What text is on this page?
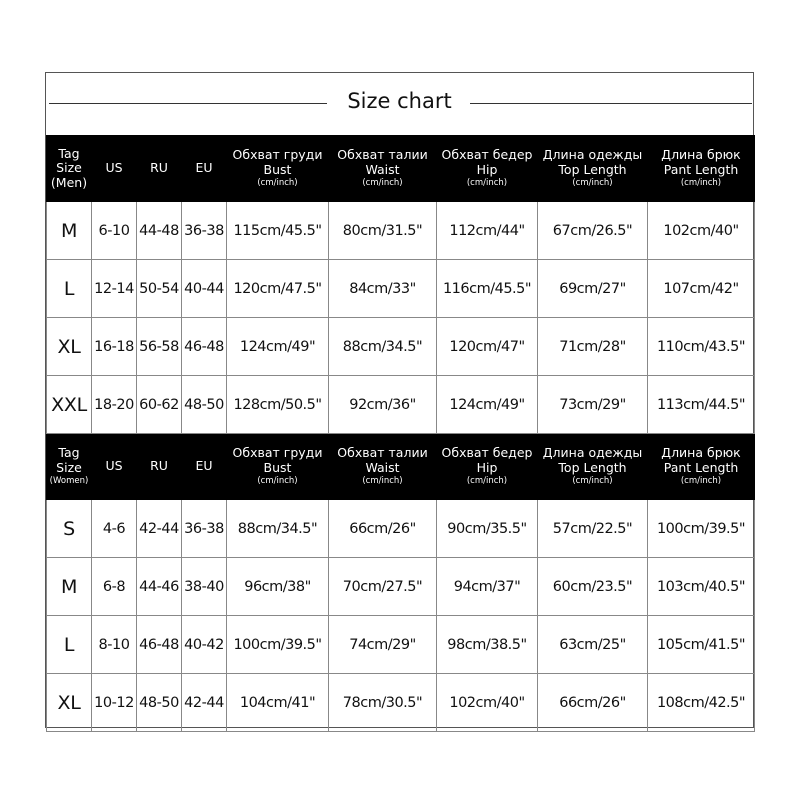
Size chart
Tag
Size
(Men)	US	RU	EU	Обхват груди
Bust
(cm/inch)	Обхват талии
Waist
(cm/inch)	Обхват бедер
Hip
(cm/inch)	Длина одежды
Top Length
(cm/inch)	Длина брюк
Pant Length
(cm/inch)

M	6-10	44-48	36-38	115cm/45.5"	80cm/31.5"	112cm/44"	67cm/26.5"	102cm/40"
L	12-14	50-54	40-44	120cm/47.5"	84cm/33"	116cm/45.5"	69cm/27"	107cm/42"
XL	16-18	56-58	46-48	124cm/49"	88cm/34.5"	120cm/47"	71cm/28"	110cm/43.5"
XXL	18-20	60-62	48-50	128cm/50.5"	92cm/36"	124cm/49"	73cm/29"	113cm/44.5"

Tag
Size
(Women)	US	RU	EU	Обхват груди
Bust
(cm/inch)	Обхват талии
Waist
(cm/inch)	Обхват бедер
Hip
(cm/inch)	Длина одежды
Top Length
(cm/inch)	Длина брюк
Pant Length
(cm/inch)

S	4-6	42-44	36-38	88cm/34.5"	66cm/26"	90cm/35.5"	57cm/22.5"	100cm/39.5"
M	6-8	44-46	38-40	96cm/38"	70cm/27.5"	94cm/37"	60cm/23.5"	103cm/40.5"
L	8-10	46-48	40-42	100cm/39.5"	74cm/29"	98cm/38.5"	63cm/25"	105cm/41.5"
XL	10-12	48-50	42-44	104cm/41"	78cm/30.5"	102cm/40"	66cm/26"	108cm/42.5"
